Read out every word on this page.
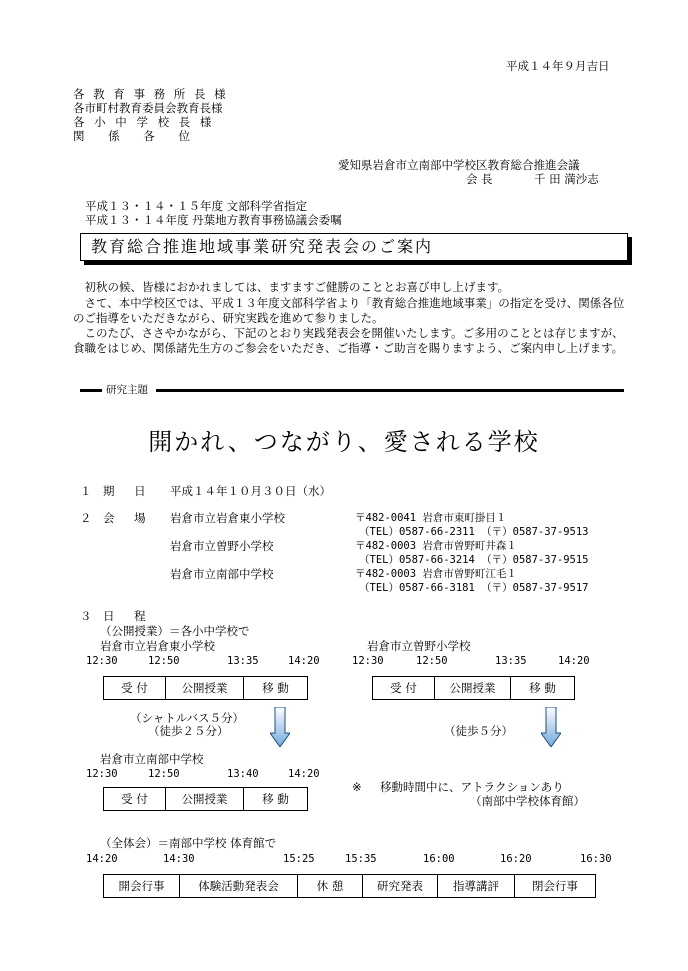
平成１４年９月吉日
各 教 育 事 務 所 長 様
各市町村教育委員会教育長様
各 小 中 学 校 長 様
関 係 各 位
愛知県岩倉市立南部中学校区教育総合推進会議
会 長	千 田 満沙志
平成１３・１４・１５年度 文部科学省指定
平成１３・１４年度 丹葉地方教育事務協議会委嘱
教育総合推進地域事業研究発表会のご案内
　初秋の候、皆様におかれましては、ますますご健勝のこととお喜び申し上げます。
　さて、本中学校区では、平成１３年度文部科学省より「教育総合推進地域事業」の指定を受け、関係各位のご指導をいただきながら、研究実践を進めて参りました。
　このたび、ささやかながら、下記のとおり実践発表会を開催いたします。ご多用のこととは存じますが、食職をはじめ、関係諸先生方のご参会をいただき、ご指導・ご助言を賜りますよう、ご案内申し上げます。
研究主題
開かれ、つながり、愛される学校
１ 期 日 平成１４年１０月３０日（水）
２ 会 場 岩倉市立岩倉東小学校	〒482-0041 岩倉市東町掛目１
（TEL）0587-66-2311 （〒）0587-37-9513
岩倉市立曽野小学校	〒482-0003 岩倉市曽野町井森１
（TEL）0587-66-3214 （〒）0587-37-9515
岩倉市立南部中学校	〒482-0003 岩倉市曽野町江毛１
（TEL）0587-66-3181 （〒）0587-37-9517
３ 日 程
（公開授業）＝各小中学校で
岩倉市立岩倉東小学校
12:30	12:50	13:35	14:20
受 付	公開授業	移 動
岩倉市立曽野小学校
12:30	12:50	13:35	14:20
受 付	公開授業	移 動
（シャトルバス５分）
（徒歩２５分）	（徒歩５分）
岩倉市立南部中学校
12:30	12:50	13:40	14:20
受 付	公開授業	移 動
※ 移動時間中に、アトラクションあり
（南部中学校体育館）
（全体会）＝南部中学校 体育館で
14:20	14:30	15:25	15:35	16:00	16:20	16:30
開会行事	体験活動発表会	休 憩	研究発表	指導講評	閉会行事
